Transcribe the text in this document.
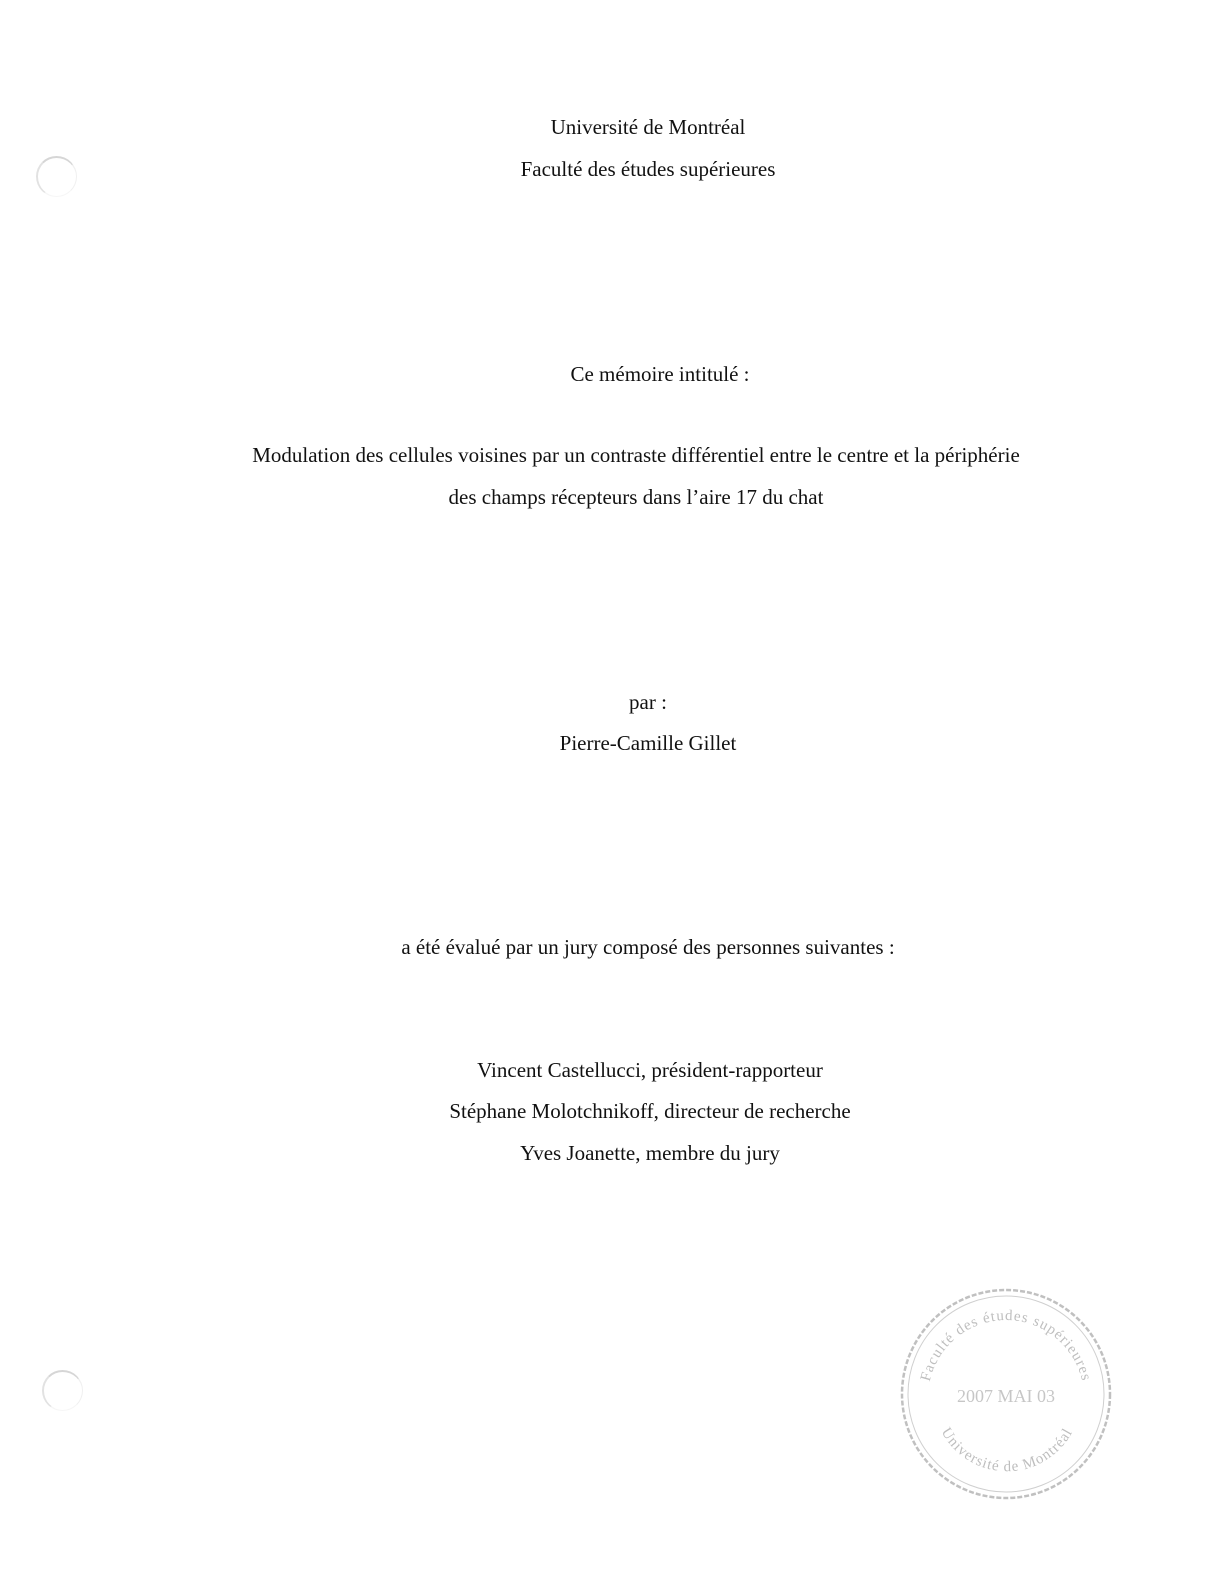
Université de Montréal
Faculté des études supérieures
Ce mémoire intitulé :
Modulation des cellules voisines par un contraste différentiel entre le centre et la périphérie
des champs récepteurs dans l’aire 17 du chat
par :
Pierre-Camille Gillet
a été évalué par un jury composé des personnes suivantes :
Vincent Castellucci, président-rapporteur
Stéphane Molotchnikoff, directeur de recherche
Yves Joanette, membre du jury
Faculté des études supérieures
Université de Montréal
2007 MAI 03
